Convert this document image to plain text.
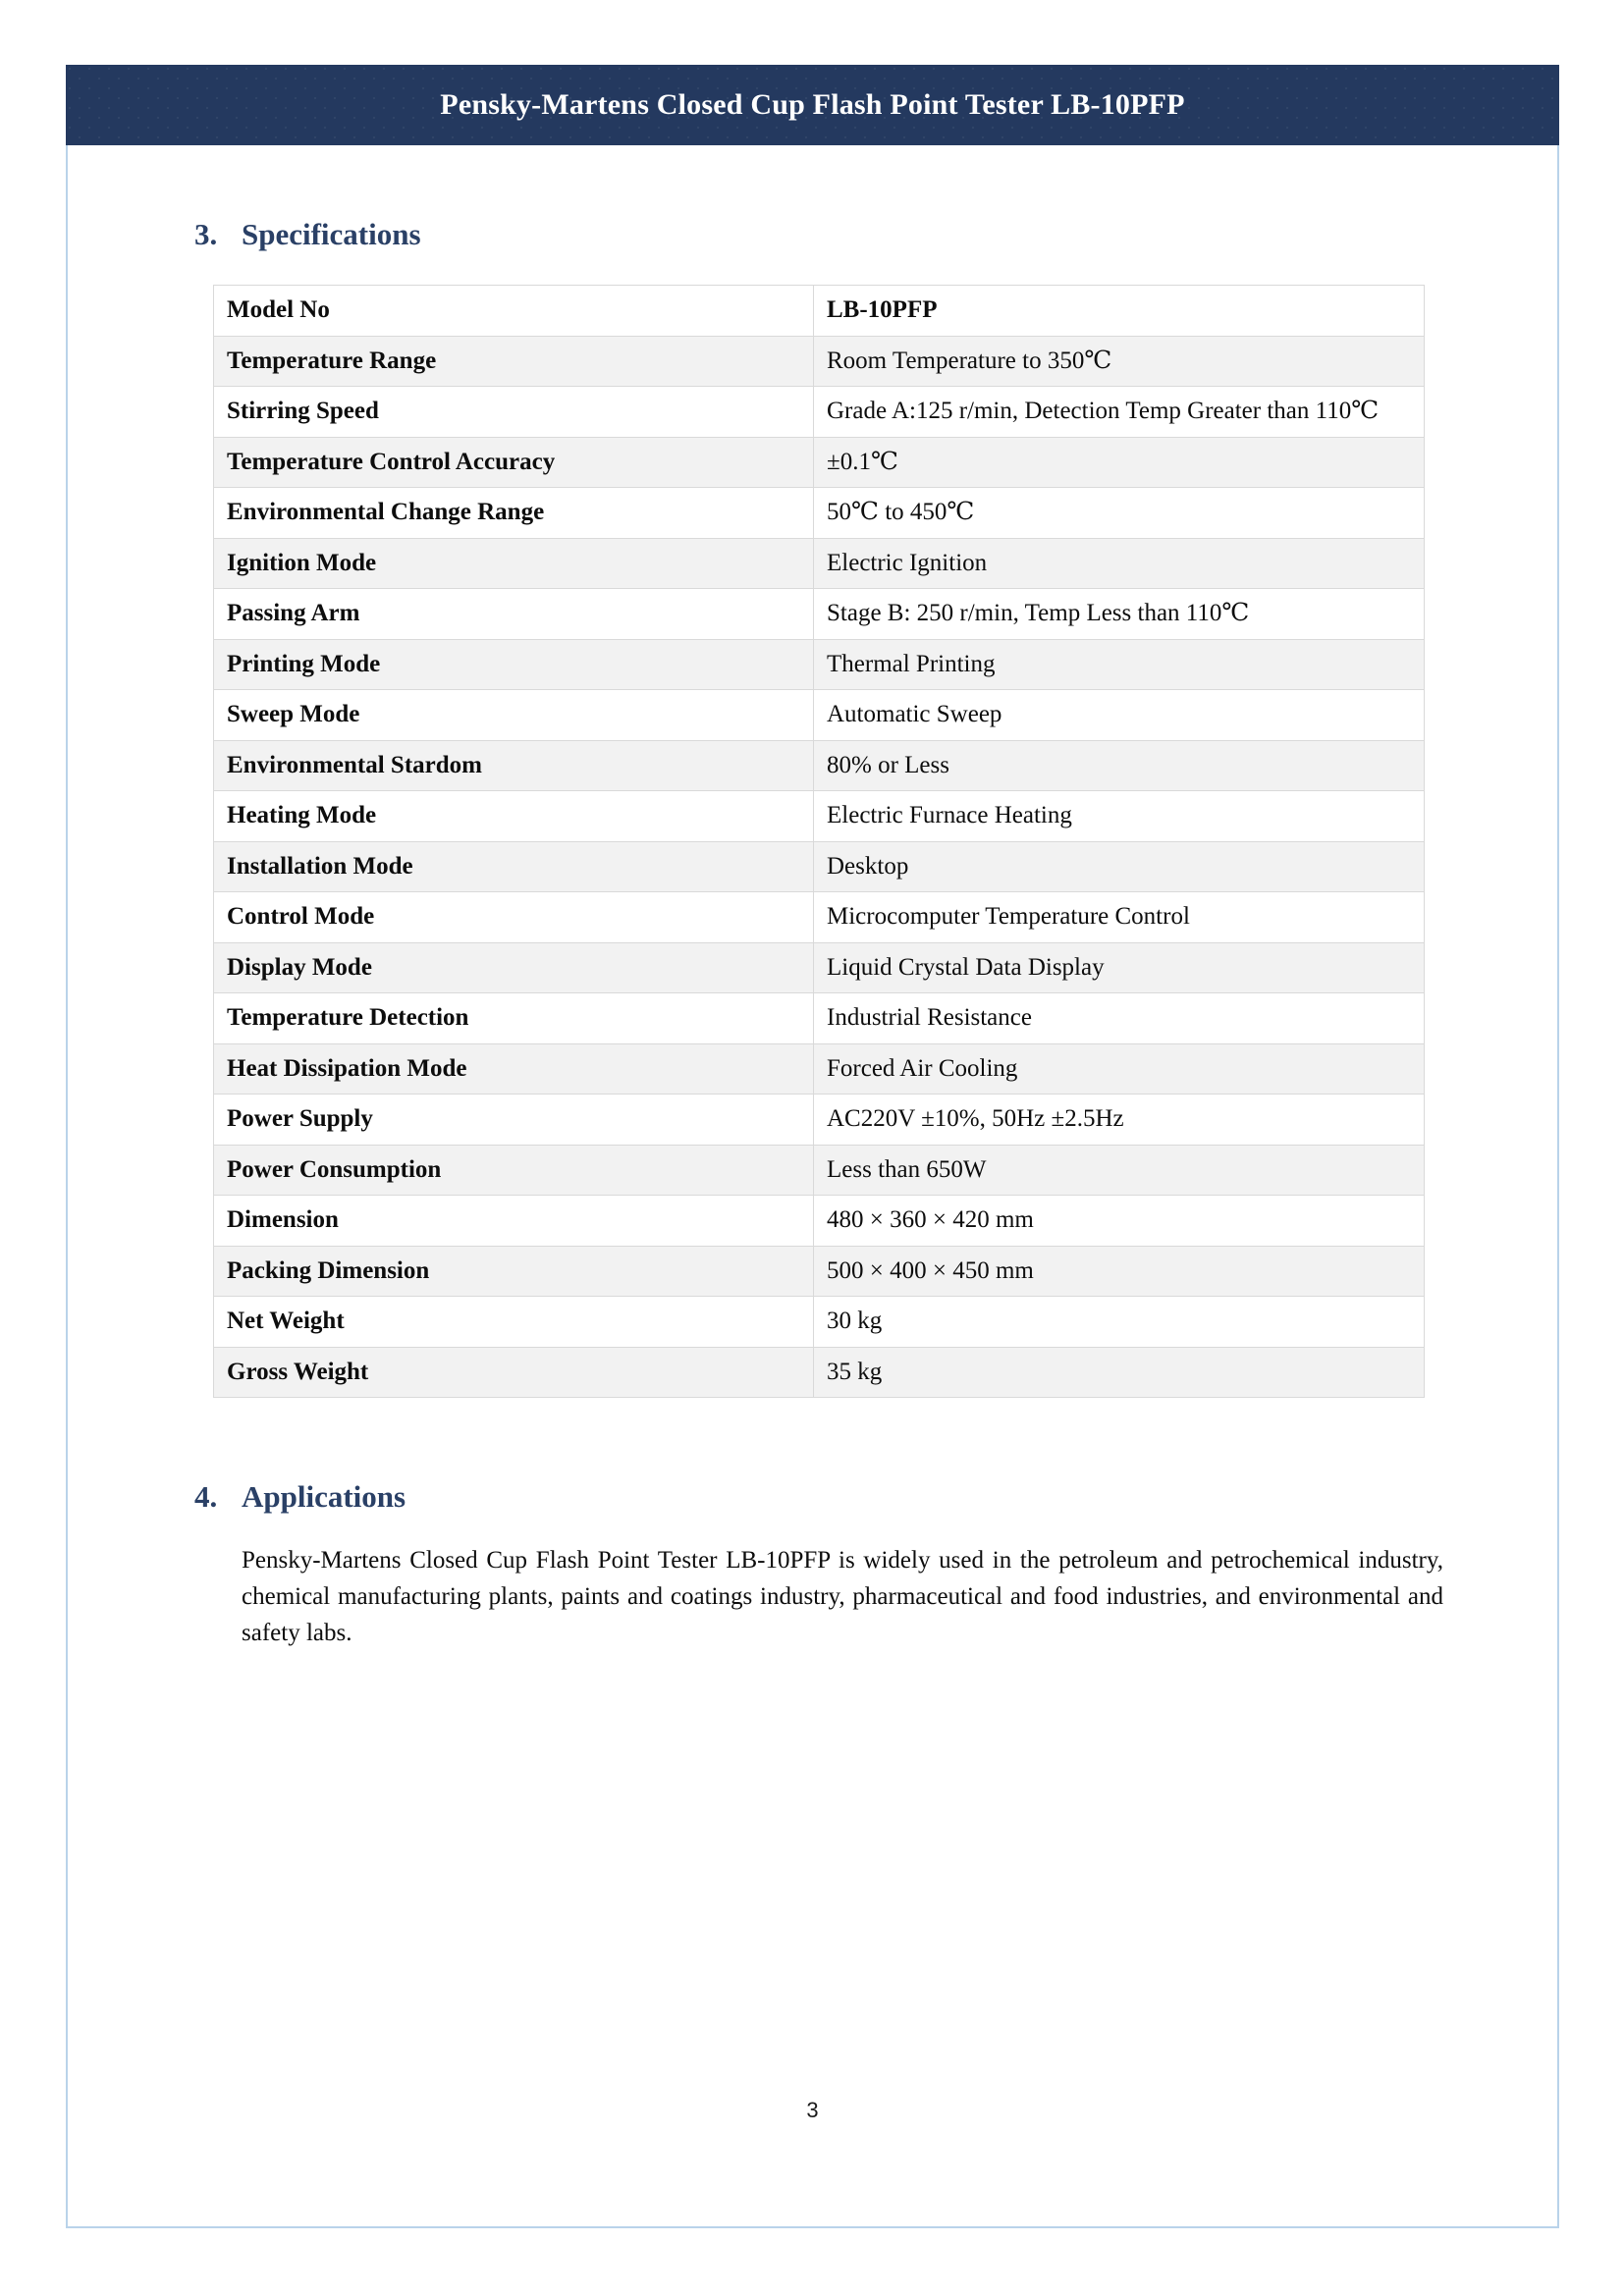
Pensky-Martens Closed Cup Flash Point Tester LB-10PFP
3. Specifications
Model No	LB-10PFP
Temperature Range	Room Temperature to 350℃
Stirring Speed	Grade A:125 r/min, Detection Temp Greater than 110℃
Temperature Control Accuracy	±0.1℃
Environmental Change Range	50℃ to 450℃
Ignition Mode	Electric Ignition
Passing Arm	Stage B: 250 r/min, Temp Less than 110℃
Printing Mode	Thermal Printing
Sweep Mode	Automatic Sweep
Environmental Stardom	80% or Less
Heating Mode	Electric Furnace Heating
Installation Mode	Desktop
Control Mode	Microcomputer Temperature Control
Display Mode	Liquid Crystal Data Display
Temperature Detection	Industrial Resistance
Heat Dissipation Mode	Forced Air Cooling
Power Supply	AC220V ±10%, 50Hz ±2.5Hz
Power Consumption	Less than 650W
Dimension	480 × 360 × 420 mm
Packing Dimension	500 × 400 × 450 mm
Net Weight	30 kg
Gross Weight	35 kg
4. Applications

Pensky-Martens Closed Cup Flash Point Tester LB-10PFP is widely used in the petroleum and petrochemical industry, chemical manufacturing plants, paints and coatings industry, pharmaceutical and food industries, and environmental and safety labs.

3
